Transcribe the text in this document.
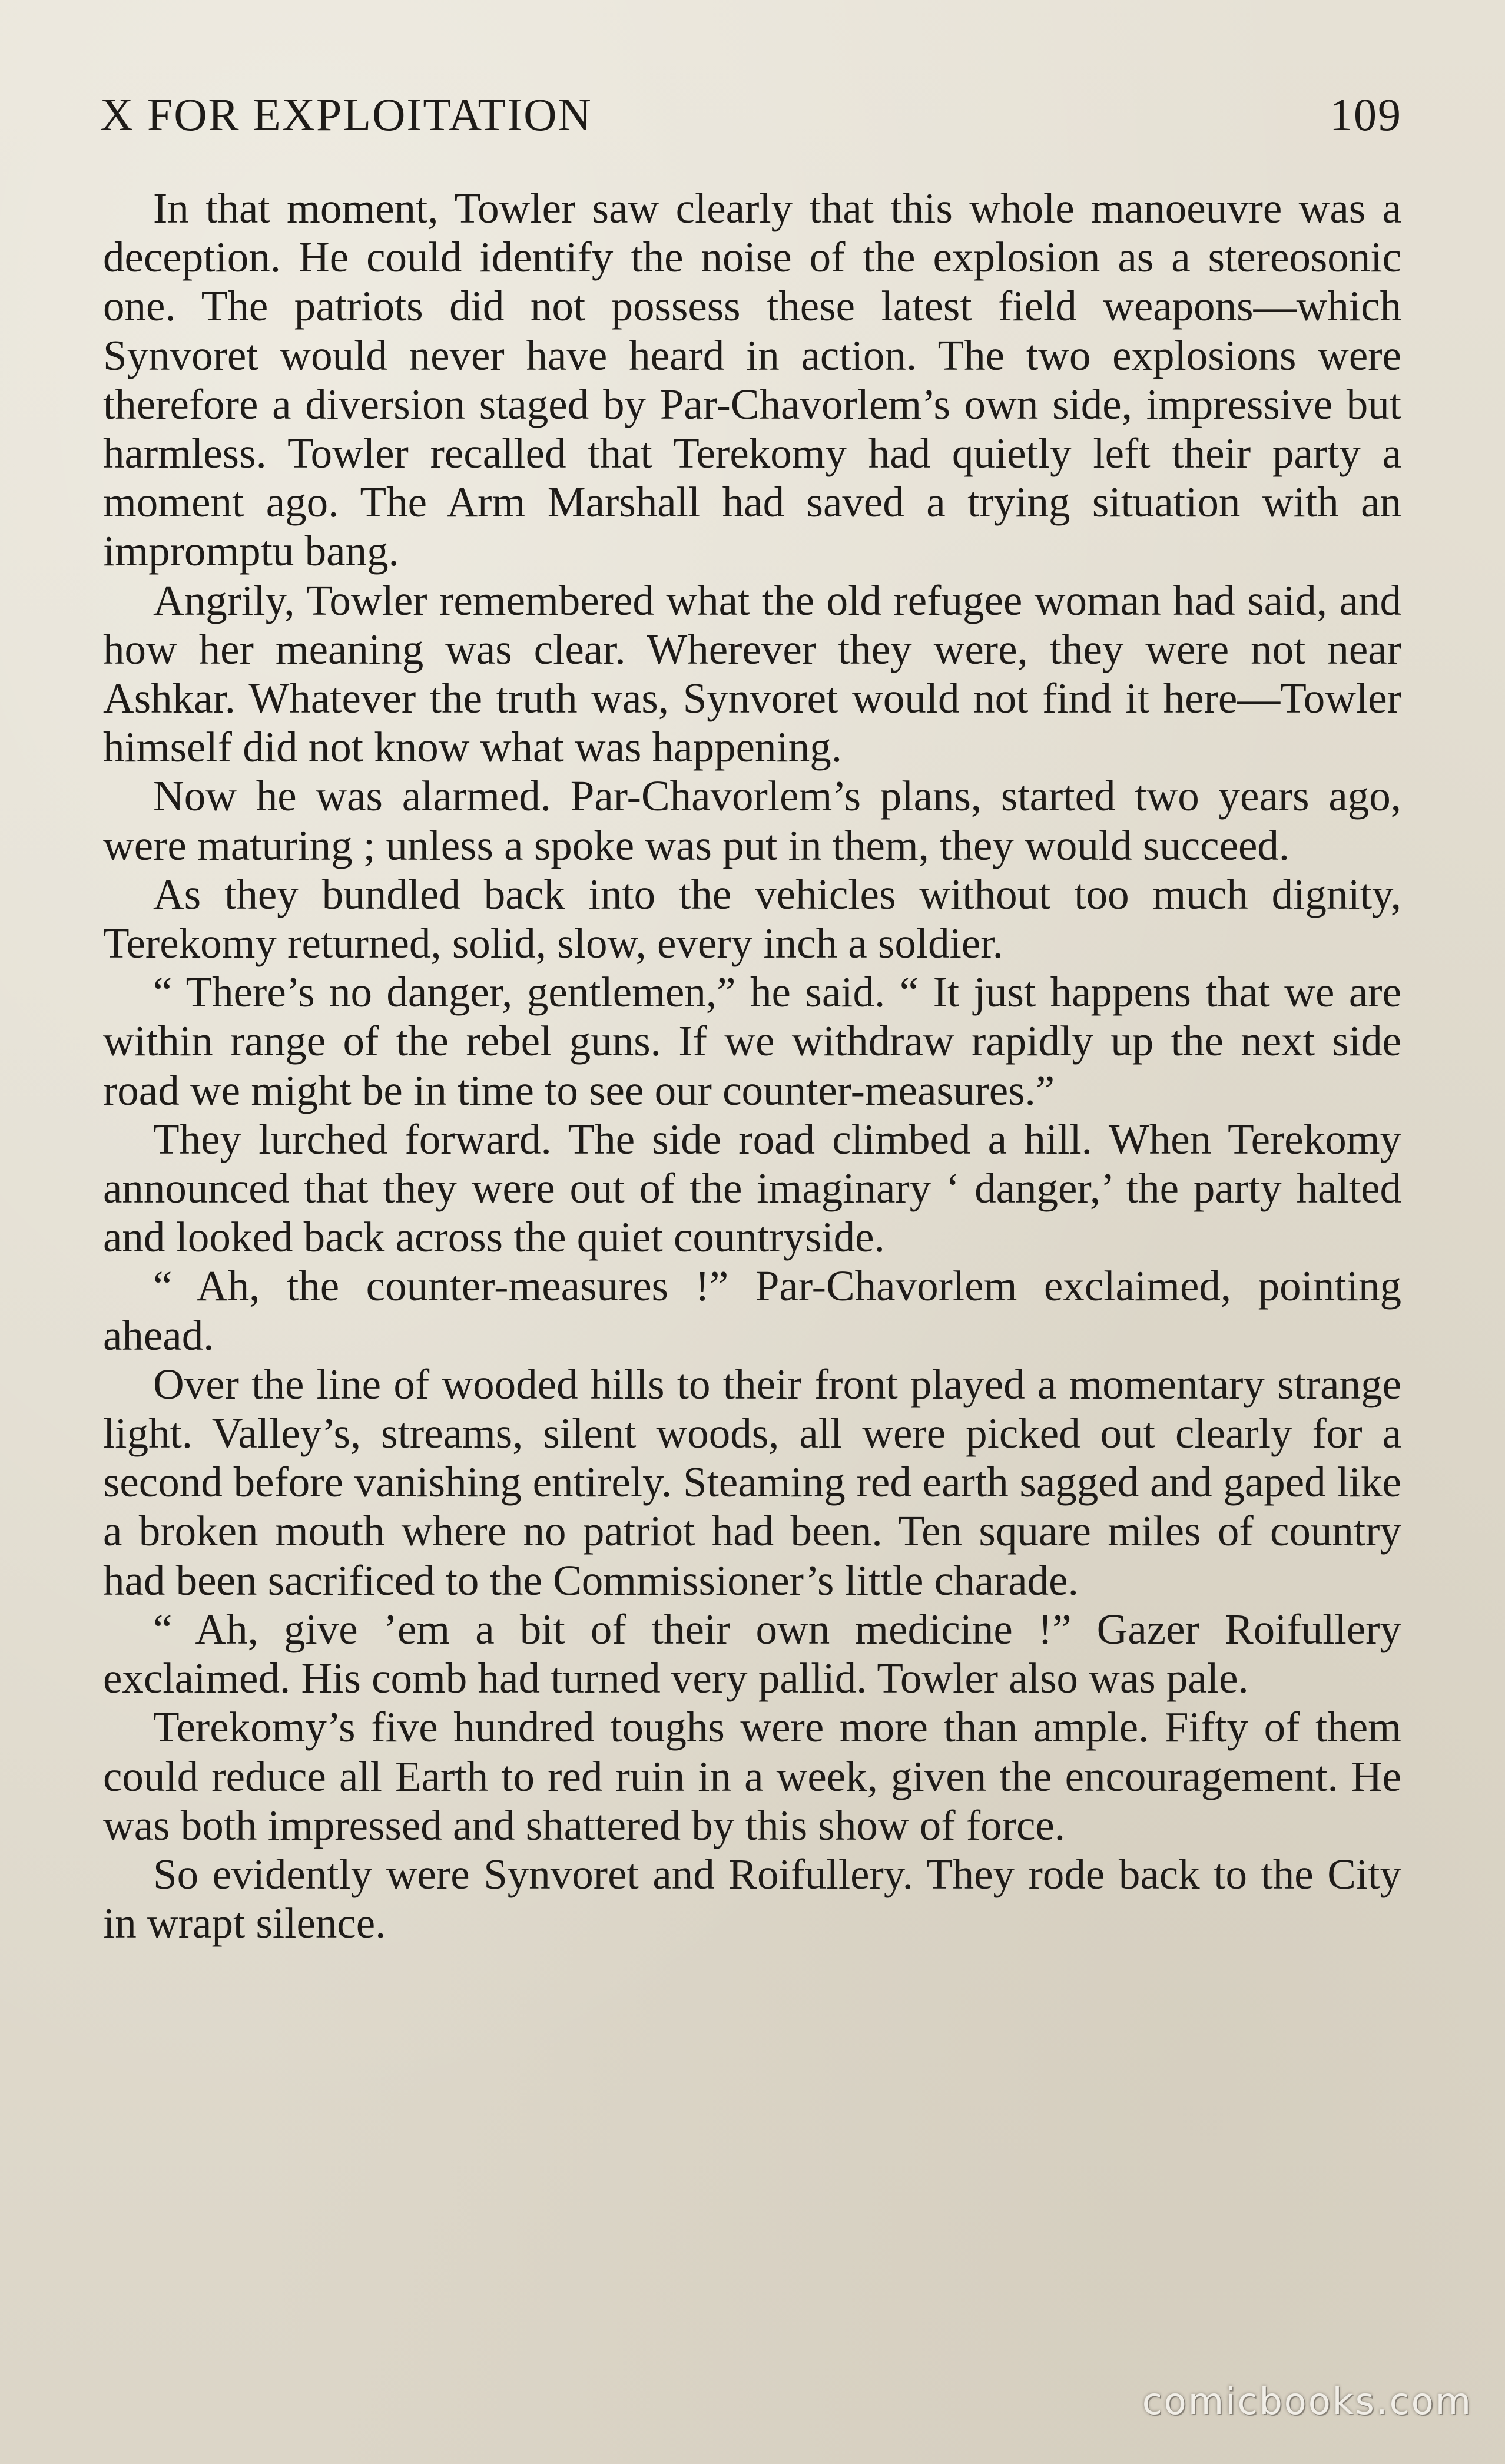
X FOR EXPLOITATION	109

In that moment, Towler saw clearly that this whole manoeuvre was a deception. He could identify the noise of the explosion as a stereosonic one. The patriots did not possess these latest field weapons—which Synvoret would never have heard in action. The two explosions were therefore a diversion staged by Par-Chavorlem’s own side, impressive but harmless. Towler recalled that Terekomy had quietly left their party a moment ago. The Arm Marshall had saved a trying situation with an impromptu bang.

Angrily, Towler remembered what the old refugee woman had said, and how her meaning was clear. Wherever they were, they were not near Ashkar. Whatever the truth was, Synvoret would not find it here—Towler himself did not know what was happening.

Now he was alarmed. Par-Chavorlem’s plans, started two years ago, were maturing ; unless a spoke was put in them, they would succeed.

As they bundled back into the vehicles without too much dignity, Terekomy returned, solid, slow, every inch a soldier.

“ There’s no danger, gentlemen,” he said. “ It just happens that we are within range of the rebel guns. If we withdraw rapidly up the next side road we might be in time to see our counter-measures.”

They lurched forward. The side road climbed a hill. When Terekomy announced that they were out of the imaginary ‘ danger,’ the party halted and looked back across the quiet countryside.

“ Ah, the counter-measures !” Par-Chavorlem exclaimed, pointing ahead.

Over the line of wooded hills to their front played a momentary strange light. Valley’s, streams, silent woods, all were picked out clearly for a second before vanishing entirely. Steaming red earth sagged and gaped like a broken mouth where no patriot had been. Ten square miles of country had been sacrificed to the Commissioner’s little charade.

“ Ah, give ’em a bit of their own medicine !” Gazer Roifullery exclaimed. His comb had turned very pallid. Towler also was pale.

Terekomy’s five hundred toughs were more than ample. Fifty of them could reduce all Earth to red ruin in a week, given the encouragement. He was both impressed and shattered by this show of force.

So evidently were Synvoret and Roifullery. They rode back to the City in wrapt silence.

comicbooks.com
